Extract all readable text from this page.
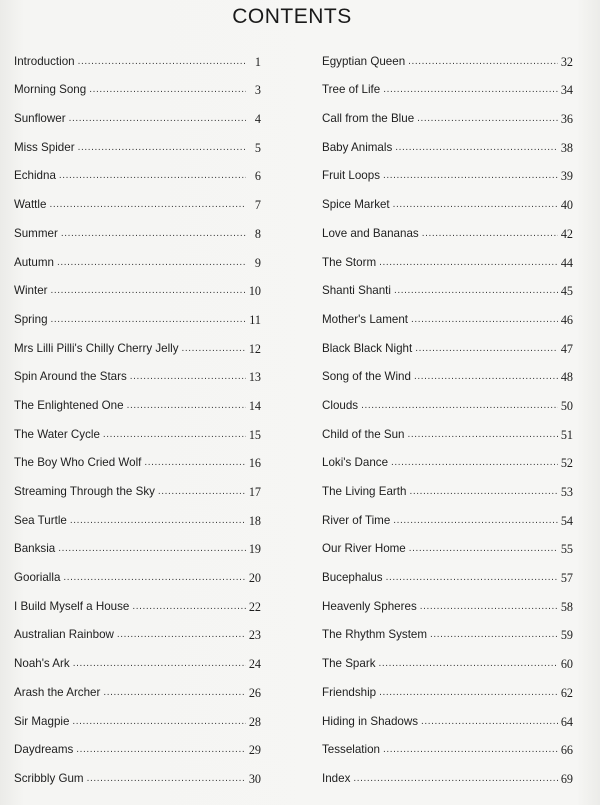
CONTENTS
Introduction .....	1
Morning Song .....	3
Sunflower .....	4
Miss Spider .....	5
Echidna .....	6
Wattle .....	7
Summer .....	8
Autumn .....	9
Winter .....	10
Spring .....	11
Mrs Lilli Pilli's Chilly Cherry Jelly .....	12
Spin Around the Stars .....	13
The Enlightened One .....	14
The Water Cycle .....	15
The Boy Who Cried Wolf .....	16
Streaming Through the Sky .....	17
Sea Turtle .....	18
Banksia .....	19
Goorialla .....	20
I Build Myself a House .....	22
Australian Rainbow .....	23
Noah's Ark .....	24
Arash the Archer .....	26
Sir Magpie .....	28
Daydreams .....	29
Scribbly Gum .....	30
Egyptian Queen .....	32
Tree of Life .....	34
Call from the Blue .....	36
Baby Animals .....	38
Fruit Loops .....	39
Spice Market .....	40
Love and Bananas .....	42
The Storm .....	44
Shanti Shanti .....	45
Mother's Lament .....	46
Black Black Night .....	47
Song of the Wind .....	48
Clouds .....	50
Child of the Sun .....	51
Loki's Dance .....	52
The Living Earth .....	53
River of Time .....	54
Our River Home .....	55
Bucephalus .....	57
Heavenly Spheres .....	58
The Rhythm System .....	59
The Spark .....	60
Friendship .....	62
Hiding in Shadows .....	64
Tesselation .....	66
Index .....	69
